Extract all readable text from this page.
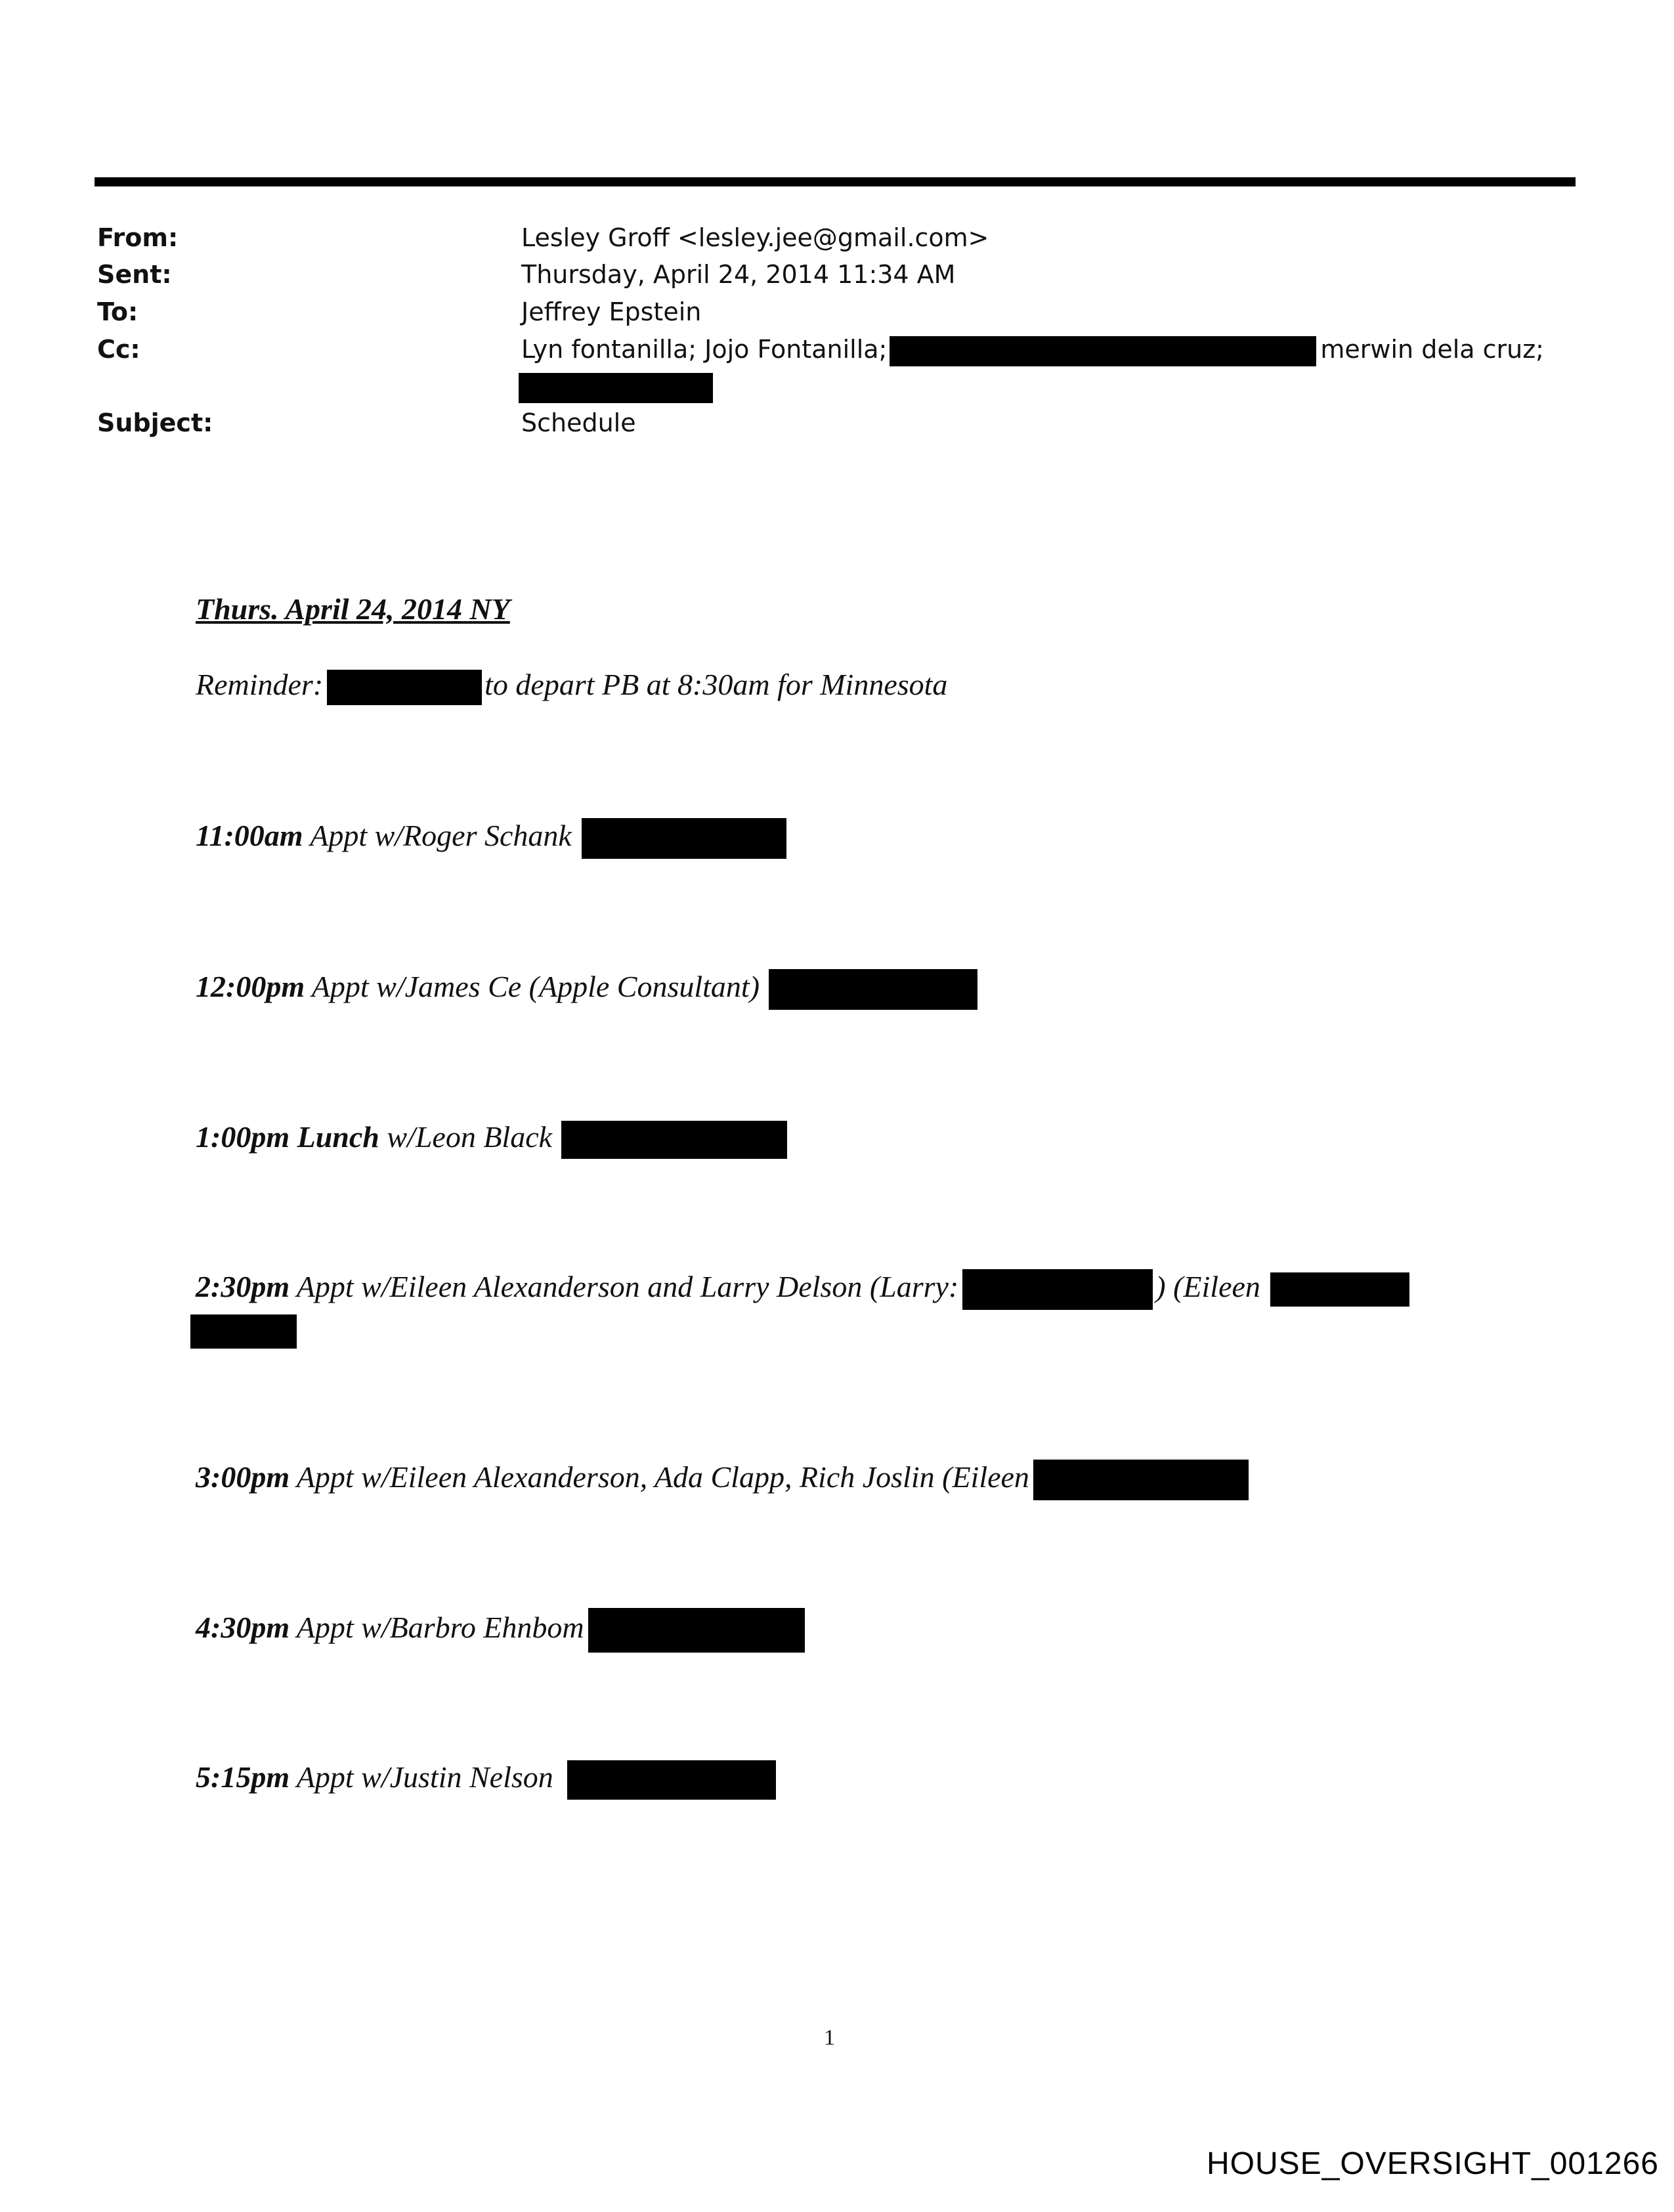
From:	Lesley Groff <lesley.jee@gmail.com>
Sent:	Thursday, April 24, 2014 11:34 AM
To:	Jeffrey Epstein
Cc:	Lyn fontanilla; Jojo Fontanilla;	merwin dela cruz;
Subject:	Schedule
Thurs. April 24, 2014 NY
Reminder:	to depart PB at 8:30am for Minnesota
11:00am Appt w/Roger Schank
12:00pm Appt w/James Ce (Apple Consultant)
1:00pm Lunch w/Leon Black
2:30pm Appt w/Eileen Alexanderson and Larry Delson (Larry:	) (Eileen
3:00pm Appt w/Eileen Alexanderson, Ada Clapp, Rich Joslin (Eileen
4:30pm Appt w/Barbro Ehnbom
5:15pm Appt w/Justin Nelson
1
HOUSE_OVERSIGHT_001266
